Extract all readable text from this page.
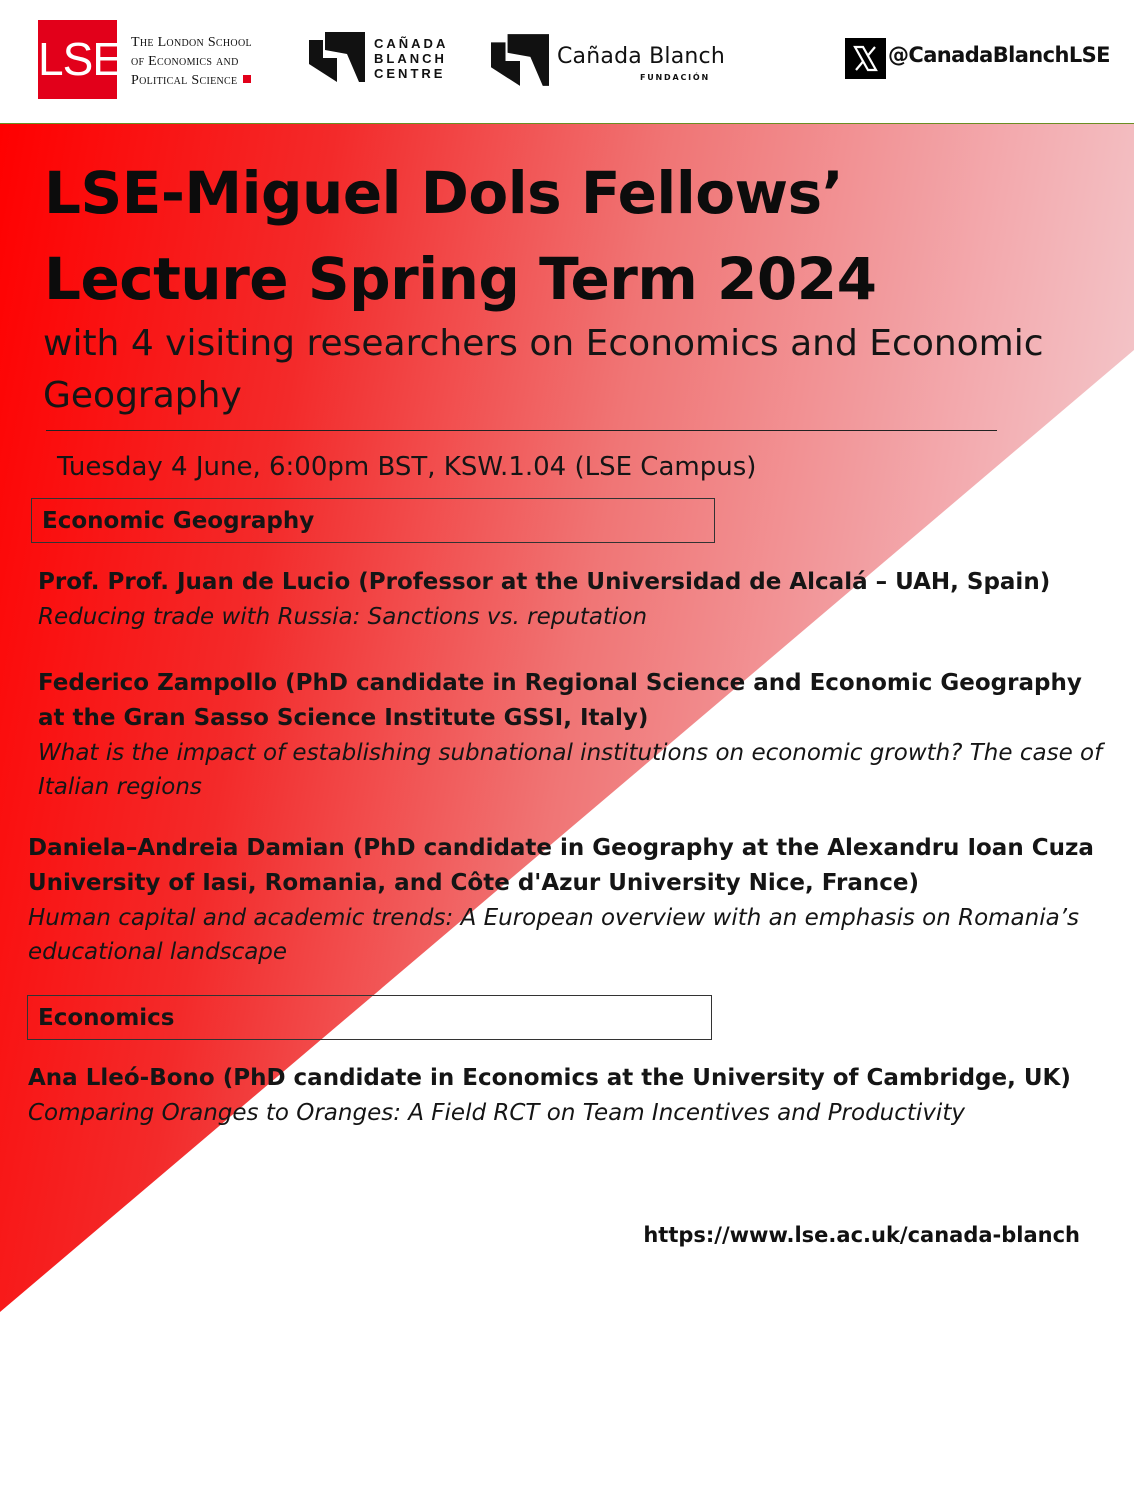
LSE The London School
of Economics and
Political Science
CAÑADA
BLANCH
CENTRE
Cañada Blanch
FUNDACIÓN
@CanadaBlanchLSE
LSE-Miguel Dols Fellows’
Lecture Spring Term 2024
with 4 visiting researchers on Economics and Economic Geography
Tuesday 4 June, 6:00pm BST, KSW.1.04 (LSE Campus)
Economic Geography
Prof. Prof. Juan de Lucio (Professor at the Universidad de Alcalá – UAH, Spain)
Reducing trade with Russia: Sanctions vs. reputation
Federico Zampollo (PhD candidate in Regional Science and Economic Geography at the Gran Sasso Science Institute GSSI, Italy)
What is the impact of establishing subnational institutions on economic growth? The case of Italian regions
Daniela–Andreia Damian (PhD candidate in Geography at the Alexandru Ioan Cuza University of Iasi, Romania, and Côte d'Azur University Nice, France)
Human capital and academic trends: A European overview with an emphasis on Romania’s educational landscape
Economics
Ana Lleó-Bono (PhD candidate in Economics at the University of Cambridge, UK)
Comparing Oranges to Oranges: A Field RCT on Team Incentives and Productivity
https://www.lse.ac.uk/canada-blanch
